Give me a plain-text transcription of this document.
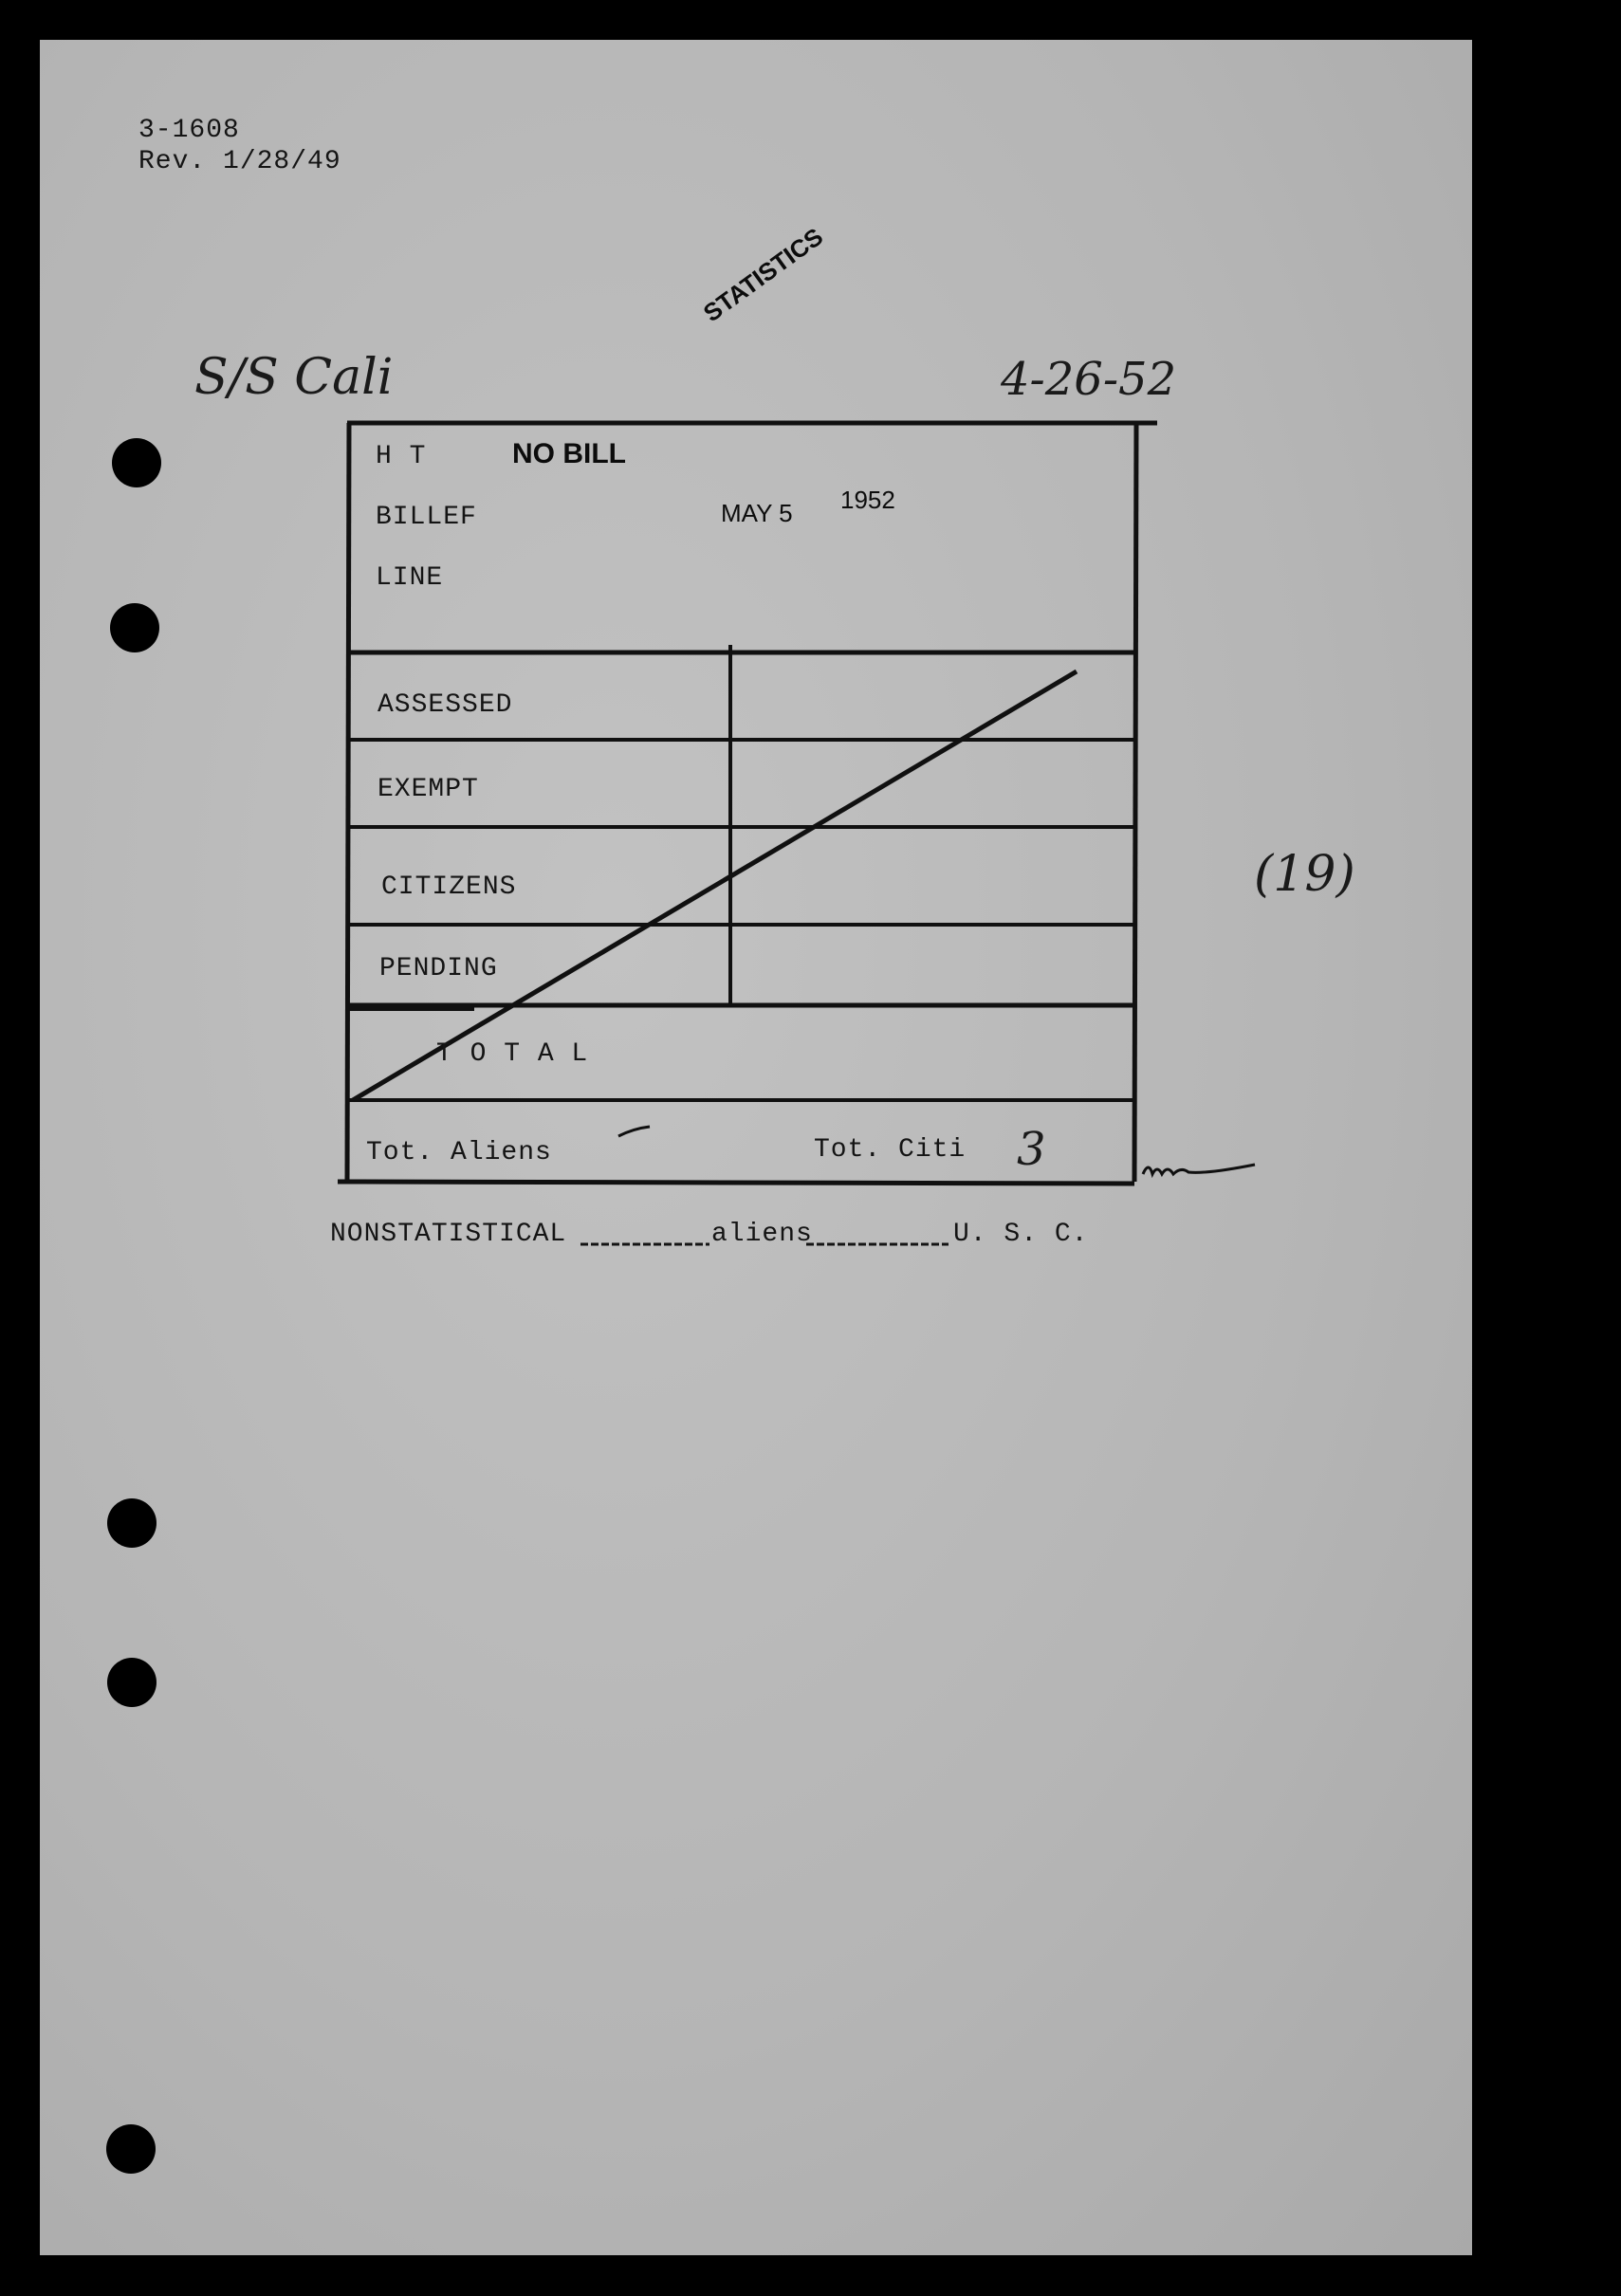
3-1608
Rev. 1/28/49
STATISTICS
S/S Cali	4-26-52
H T
BILLEF
LINE
NO BILL
MAY 5 1952
ASSESSED
EXEMPT
CITIZENS
PENDING
T O T A L
Tot. Aliens	Tot. Citi 3
(19)
NONSTATISTICAL	aliens	U. S. C.
